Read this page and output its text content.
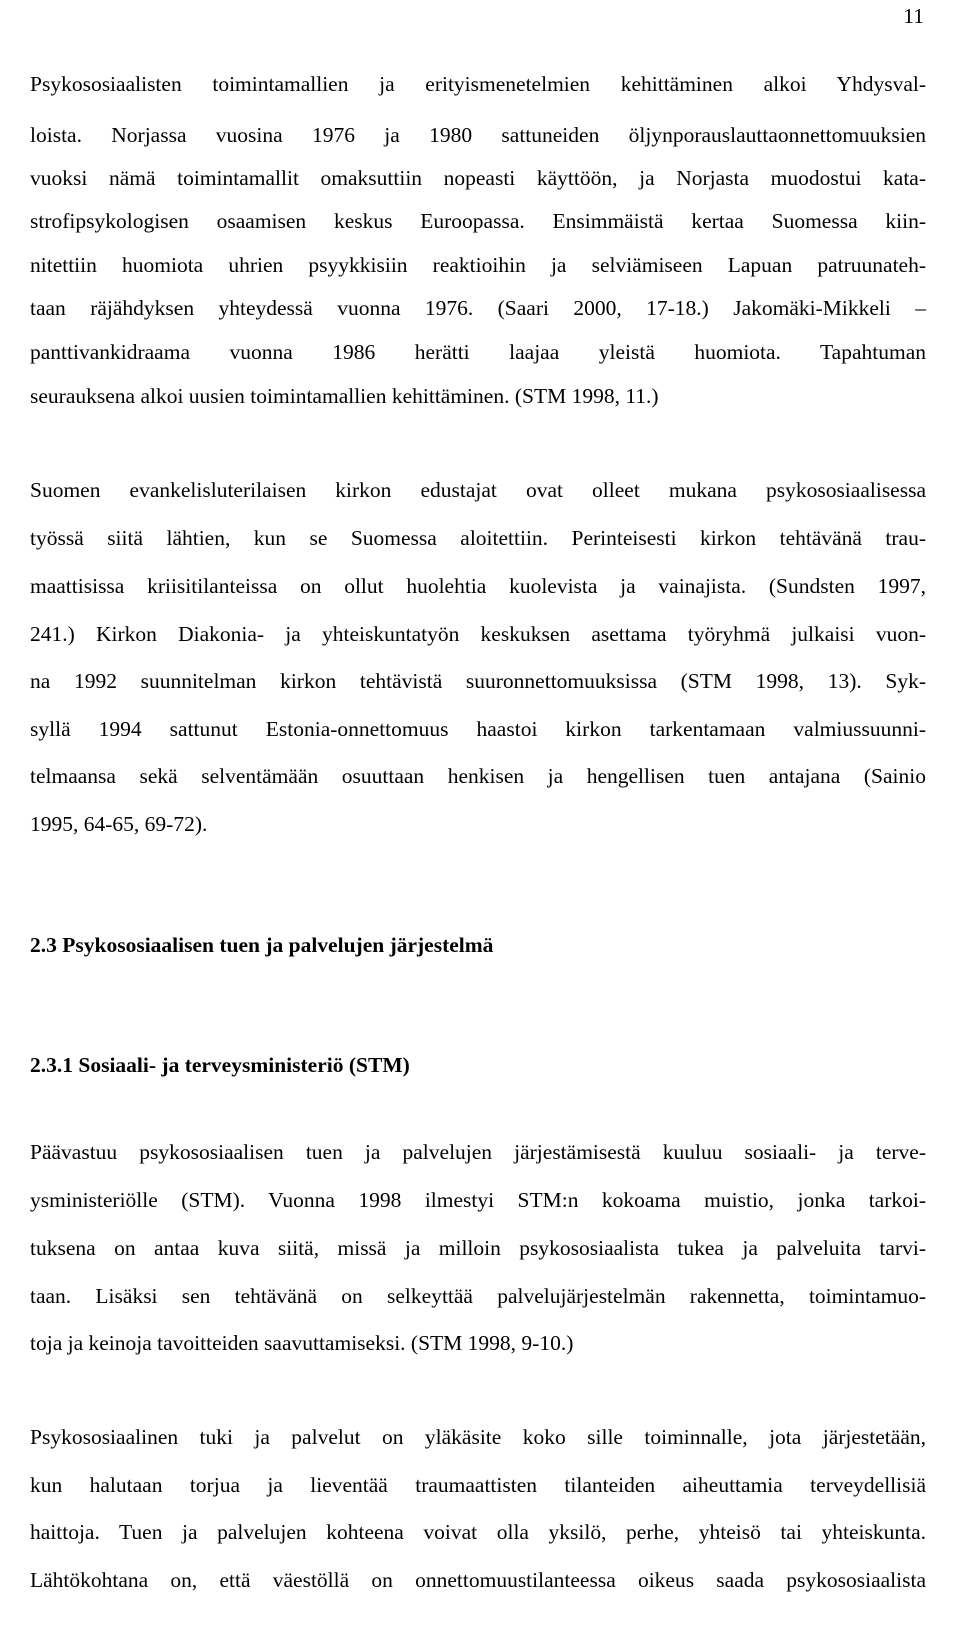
11
Psykososiaalisten toimintamallien ja erityismenetelmien kehittäminen alkoi Yhdysval-
loista. Norjassa vuosina 1976 ja 1980 sattuneiden öljynporauslauttaonnettomuuksien
vuoksi nämä toimintamallit omaksuttiin nopeasti käyttöön, ja Norjasta muodostui kata-
strofipsykologisen osaamisen keskus Euroopassa. Ensimmäistä kertaa Suomessa kiin-
nitettiin huomiota uhrien psyykkisiin reaktioihin ja selviämiseen Lapuan patruunateh-
taan räjähdyksen yhteydessä vuonna 1976. (Saari 2000, 17-18.) Jakomäki-Mikkeli –
panttivankidraama vuonna 1986 herätti laajaa yleistä huomiota. Tapahtuman
seurauksena alkoi uusien toimintamallien kehittäminen. (STM 1998, 11.)
Suomen evankelisluterilaisen kirkon edustajat ovat olleet mukana psykososiaalisessa
työssä siitä lähtien, kun se Suomessa aloitettiin. Perinteisesti kirkon tehtävänä trau-
maattisissa kriisitilanteissa on ollut huolehtia kuolevista ja vainajista. (Sundsten 1997,
241.) Kirkon Diakonia- ja yhteiskuntatyön keskuksen asettama työryhmä julkaisi vuon-
na 1992 suunnitelman kirkon tehtävistä suuronnettomuuksissa (STM 1998, 13). Syk-
syllä 1994 sattunut Estonia-onnettomuus haastoi kirkon tarkentamaan valmiussuunni-
telmaansa sekä selventämään osuuttaan henkisen ja hengellisen tuen antajana (Sainio
1995, 64-65, 69-72).
2.3 Psykososiaalisen tuen ja palvelujen järjestelmä
2.3.1 Sosiaali- ja terveysministeriö (STM)
Päävastuu psykososiaalisen tuen ja palvelujen järjestämisestä kuuluu sosiaali- ja terve-
ysministeriölle (STM). Vuonna 1998 ilmestyi STM:n kokoama muistio, jonka tarkoi-
tuksena on antaa kuva siitä, missä ja milloin psykososiaalista tukea ja palveluita tarvi-
taan. Lisäksi sen tehtävänä on selkeyttää palvelujärjestelmän rakennetta, toimintamuo-
toja ja keinoja tavoitteiden saavuttamiseksi. (STM 1998, 9-10.)
Psykososiaalinen tuki ja palvelut on yläkäsite koko sille toiminnalle, jota järjestetään,
kun halutaan torjua ja lieventää traumaattisten tilanteiden aiheuttamia terveydellisiä
haittoja. Tuen ja palvelujen kohteena voivat olla yksilö, perhe, yhteisö tai yhteiskunta.
Lähtökohtana on, että väestöllä on onnettomuustilanteessa oikeus saada psykososiaalista
